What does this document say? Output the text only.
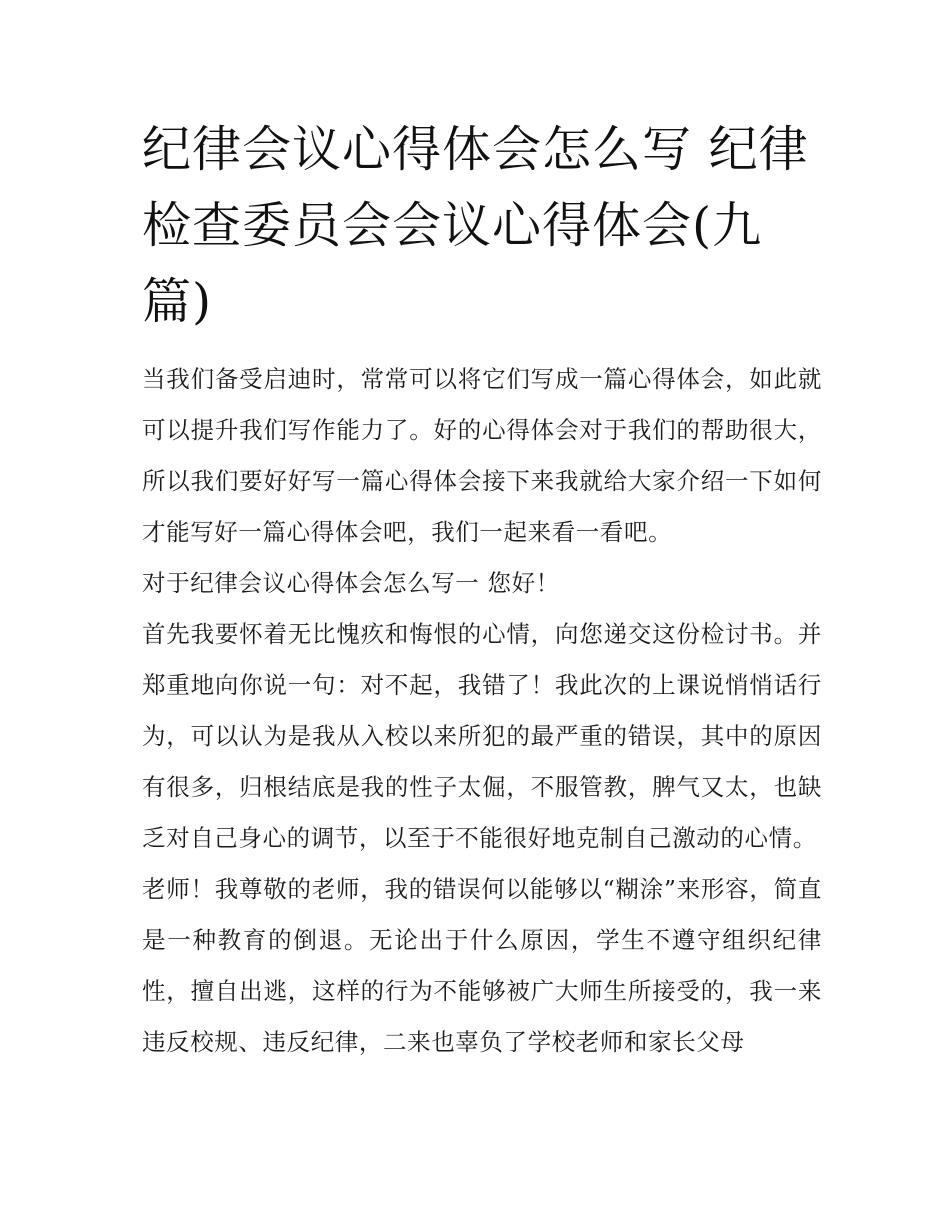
纪律会议心得体会怎么写 纪律检查委员会会议心得体会(九篇)

当我们备受启迪时，常常可以将它们写成一篇心得体会，如此就可以提升我们写作能力了。好的心得体会对于我们的帮助很大，所以我们要好好写一篇心得体会接下来我就给大家介绍一下如何才能写好一篇心得体会吧，我们一起来看一看吧。

对于纪律会议心得体会怎么写一 您好！

首先我要怀着无比愧疚和悔恨的心情，向您递交这份检讨书。并郑重地向你说一句：对不起，我错了！我此次的上课说悄悄话行为，可以认为是我从入校以来所犯的最严重的错误，其中的原因有很多，归根结底是我的性子太倔，不服管教，脾气又太，也缺乏对自己身心的调节，以至于不能很好地克制自己激动的心情。

老师！我尊敬的老师，我的错误何以能够以“糊涂”来形容，简直是一种教育的倒退。无论出于什么原因，学生不遵守组织纪律性，擅自出逃，这样的行为不能够被广大师生所接受的，我一来违反校规、违反纪律，二来也辜负了学校老师和家长父母
